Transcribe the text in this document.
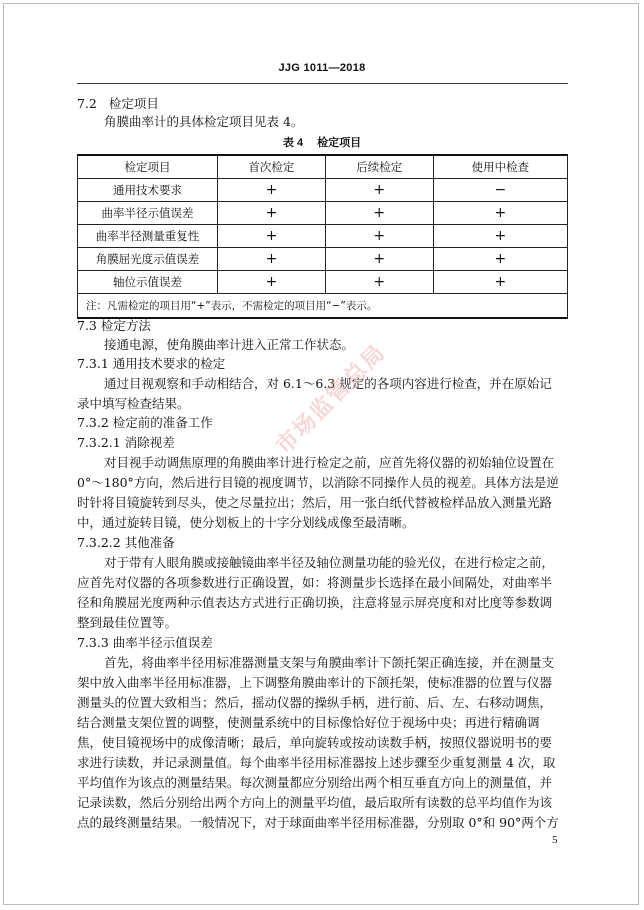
JJG 1011—2018
7.2 检定项目
角膜曲率计的具体检定项目见表 4。
表 4 检定项目
检定项目	首次检定	后续检定	使用中检查
通用技术要求	+	+	−
曲率半径示值误差	+	+	+
曲率半径测量重复性	+	+	+
角膜屈光度示值误差	+	+	+
轴位示值误差	+	+	+
注：凡需检定的项目用“+”表示，不需检定的项目用“−”表示。			
7.3 检定方法
接通电源，使角膜曲率计进入正常工作状态。
7.3.1 通用技术要求的检定
通过目视观察和手动相结合，对 6.1～6.3 规定的各项内容进行检查，并在原始记
录中填写检查结果。
7.3.2 检定前的准备工作
7.3.2.1 消除视差
对目视手动调焦原理的角膜曲率计进行检定之前，应首先将仪器的初始轴位设置在
0°～180°方向，然后进行目镜的视度调节，以消除不同操作人员的视差。具体方法是逆
时针将目镜旋转到尽头，使之尽量拉出；然后，用一张白纸代替被检样品放入测量光路
中，通过旋转目镜，使分划板上的十字分划线成像至最清晰。
7.3.2.2 其他准备
对于带有人眼角膜或接触镜曲率半径及轴位测量功能的验光仪，在进行检定之前，
应首先对仪器的各项参数进行正确设置，如：将测量步长选择在最小间隔处，对曲率半
径和角膜屈光度两种示值表达方式进行正确切换，注意将显示屏亮度和对比度等参数调
整到最佳位置等。
7.3.3 曲率半径示值误差
首先，将曲率半径用标准器测量支架与角膜曲率计下颌托架正确连接，并在测量支
架中放入曲率半径用标准器，上下调整角膜曲率计的下颌托架，使标准器的位置与仪器
测量头的位置大致相当；然后，摇动仪器的操纵手柄，进行前、后、左、右移动调焦，
结合测量支架位置的调整，使测量系统中的目标像恰好位于视场中央；再进行精确调
焦，使目镜视场中的成像清晰；最后，单向旋转或按动读数手柄，按照仪器说明书的要
求进行读数，并记录测量值。每个曲率半径用标准器按上述步骤至少重复测量 4 次，取
平均值作为该点的测量结果。每次测量都应分别给出两个相互垂直方向上的测量值，并
记录读数，然后分别给出两个方向上的测量平均值，最后取所有读数的总平均值作为该
点的最终测量结果。一般情况下，对于球面曲率半径用标准器，分别取 0°和 90°两个方
市场监管总局
5
